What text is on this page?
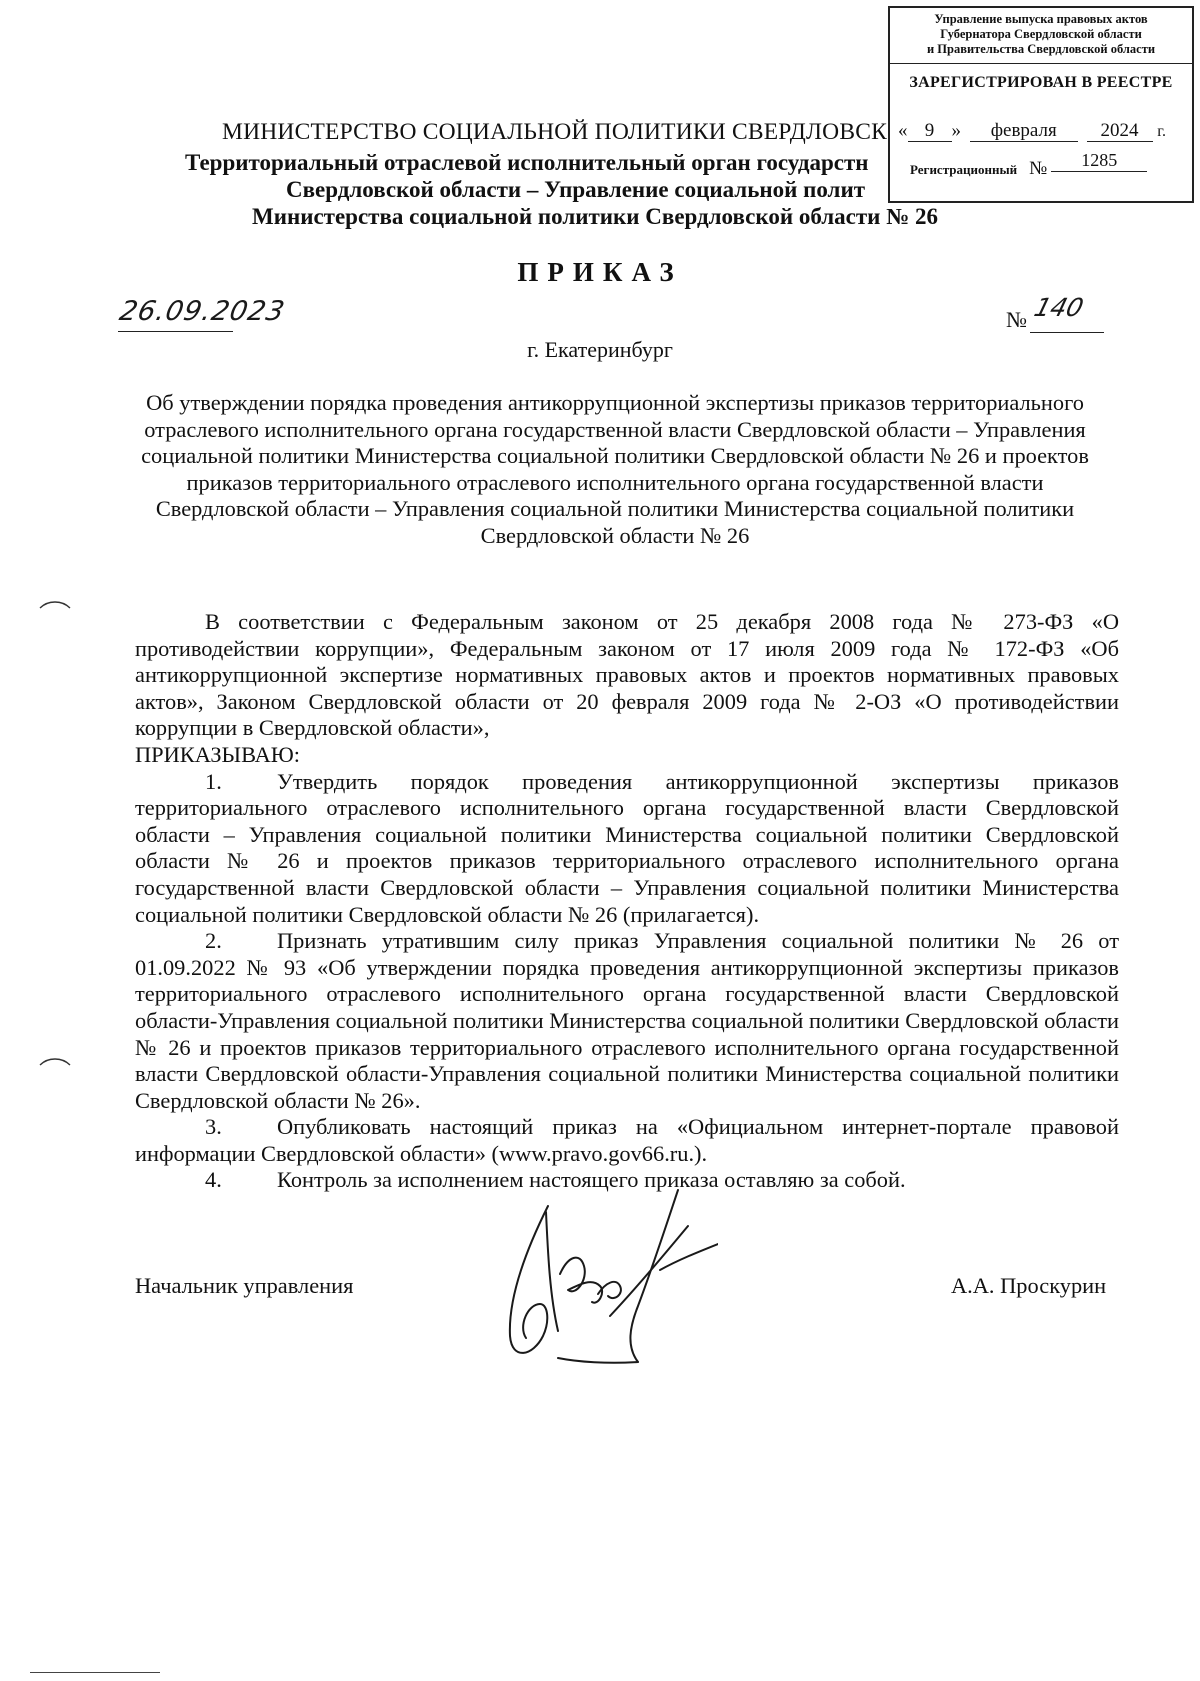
МИНИСТЕРСТВО СОЦИАЛЬНОЙ ПОЛИТИКИ СВЕРДЛОВСК
Территориальный отраслевой исполнительный орган государстн
Свердловской области – Управление социальной полит
Министерства социальной политики Свердловской области № 26
Управление выпуска правовых актов
Губернатора Свердловской области
и Правительства Свердловской области
ЗАРЕГИСТРИРОВАН В РЕЕСТРЕ
« 9 » февраля 2024 г.
Регистрационный № 1285
ПРИКАЗ
26.09.2023	№ 140
г. Екатеринбург
Об утверждении порядка проведения антикоррупционной экспертизы приказов территориального отраслевого исполнительного органа государственной власти Свердловской области – Управления социальной политики Министерства социальной политики Свердловской области № 26 и проектов приказов территориального отраслевого исполнительного органа государственной власти Свердловской области – Управления социальной политики Министерства социальной политики Свердловской области № 26

В соответствии с Федеральным законом от 25 декабря 2008 года № 273-ФЗ «О противодействии коррупции», Федеральным законом от 17 июля 2009 года № 172-ФЗ «Об антикоррупционной экспертизе нормативных правовых актов и проектов нормативных правовых актов», Законом Свердловской области от 20 февраля 2009 года № 2-ОЗ «О противодействии коррупции в Свердловской области»,

ПРИКАЗЫВАЮ:

1. Утвердить порядок проведения антикоррупционной экспертизы приказов территориального отраслевого исполнительного органа государственной власти Свердловской области – Управления социальной политики Министерства социальной политики Свердловской области № 26 и проектов приказов территориального отраслевого исполнительного органа государственной власти Свердловской области – Управления социальной политики Министерства социальной политики Свердловской области № 26 (прилагается).

2. Признать утратившим силу приказ Управления социальной политики № 26 от 01.09.2022 № 93 «Об утверждении порядка проведения антикоррупционной экспертизы приказов территориального отраслевого исполнительного органа государственной власти Свердловской области-Управления социальной политики Министерства социальной политики Свердловской области № 26 и проектов приказов территориального отраслевого исполнительного органа государственной власти Свердловской области-Управления социальной политики Министерства социальной политики Свердловской области № 26».

3. Опубликовать настоящий приказ на «Официальном интернет-портале правовой информации Свердловской области» (www.pravo.gov66.ru.).

4. Контроль за исполнением настоящего приказа оставляю за собой.

Начальник управления	А.А. Проскурин
